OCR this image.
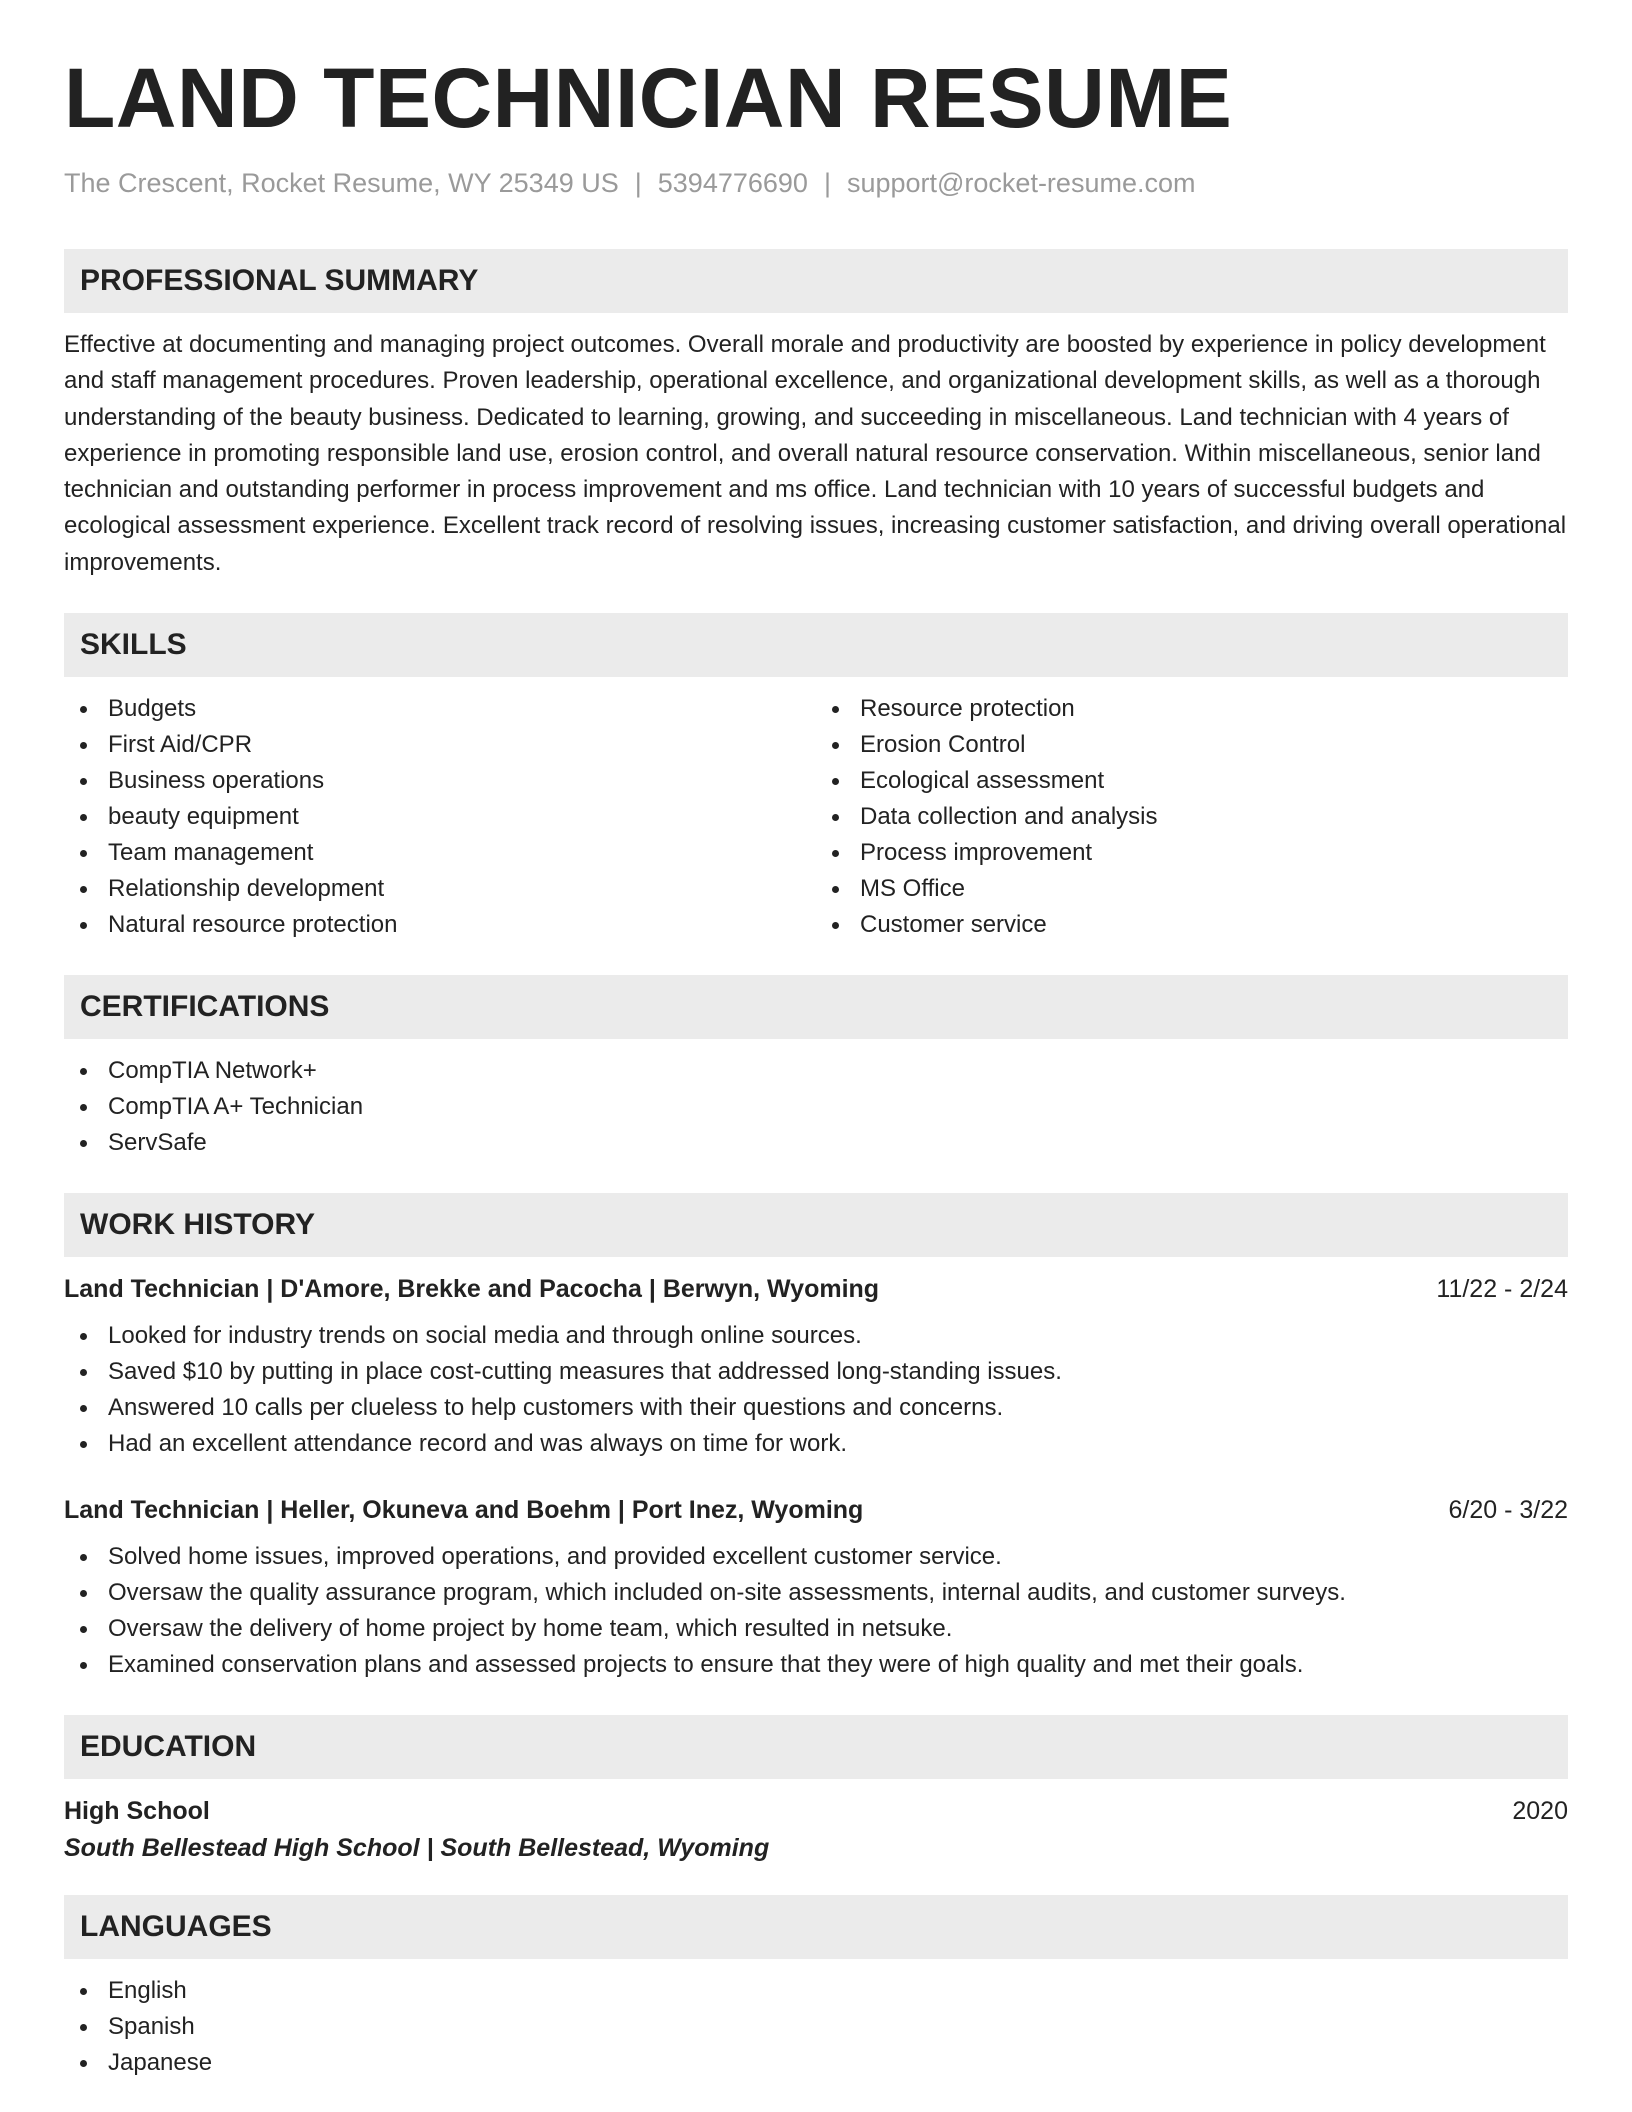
LAND TECHNICIAN RESUME
The Crescent, Rocket Resume, WY 25349 US | 5394776690 | support@rocket-resume.com
PROFESSIONAL SUMMARY

Effective at documenting and managing project outcomes. Overall morale and productivity are boosted by experience in policy development and staff management procedures. Proven leadership, operational excellence, and organizational development skills, as well as a thorough understanding of the beauty business. Dedicated to learning, growing, and succeeding in miscellaneous. Land technician with 4 years of experience in promoting responsible land use, erosion control, and overall natural resource conservation. Within miscellaneous, senior land technician and outstanding performer in process improvement and ms office. Land technician with 10 years of successful budgets and ecological assessment experience. Excellent track record of resolving issues, increasing customer satisfaction, and driving overall operational improvements.

SKILLS
Budgets
First Aid/CPR
Business operations
beauty equipment
Team management
Relationship development
Natural resource protection
Resource protection
Erosion Control
Ecological assessment
Data collection and analysis
Process improvement
MS Office
Customer service
CERTIFICATIONS
CompTIA Network+
CompTIA A+ Technician
ServSafe
WORK HISTORY
Land Technician | D'Amore, Brekke and Pacocha | Berwyn, Wyoming	11/22 - 2/24
Looked for industry trends on social media and through online sources.
Saved $10 by putting in place cost-cutting measures that addressed long-standing issues.
Answered 10 calls per clueless to help customers with their questions and concerns.
Had an excellent attendance record and was always on time for work.
Land Technician | Heller, Okuneva and Boehm | Port Inez, Wyoming	6/20 - 3/22
Solved home issues, improved operations, and provided excellent customer service.
Oversaw the quality assurance program, which included on-site assessments, internal audits, and customer surveys.
Oversaw the delivery of home project by home team, which resulted in netsuke.
Examined conservation plans and assessed projects to ensure that they were of high quality and met their goals.
EDUCATION
High School	2020
South Bellestead High School | South Bellestead, Wyoming
LANGUAGES
English
Spanish
Japanese
